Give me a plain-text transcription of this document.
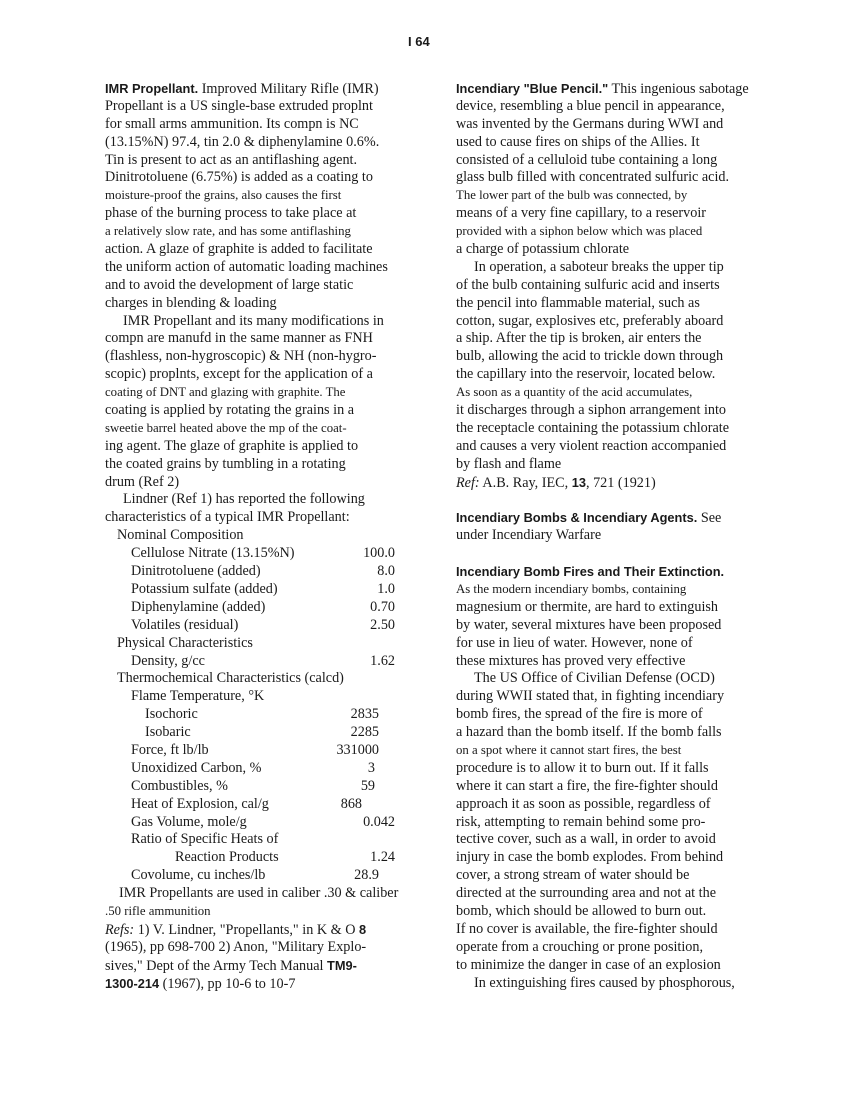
I 64
IMR Propellant. Improved Military Rifle (IMR)
Propellant is a US single-base extruded proplnt
for small arms ammunition. Its compn is NC
(13.15%N) 97.4, tin 2.0 & diphenylamine 0.6%.
Tin is present to act as an antiflashing agent.
Dinitrotoluene (6.75%) is added as a coating to
moisture-proof the grains, also causes the first
phase of the burning process to take place at
a relatively slow rate, and has some antiflashing
action. A glaze of graphite is added to facilitate
the uniform action of automatic loading machines
and to avoid the development of large static
charges in blending & loading
IMR Propellant and its many modifications in
compn are manufd in the same manner as FNH
(flashless, non-hygroscopic) & NH (non-hygro-
scopic) proplnts, except for the application of a
coating of DNT and glazing with graphite. The
coating is applied by rotating the grains in a
sweetie barrel heated above the mp of the coat-
ing agent. The glaze of graphite is applied to
the coated grains by tumbling in a rotating
drum (Ref 2)
Lindner (Ref 1) has reported the following
characteristics of a typical IMR Propellant:
Nominal Composition
Cellulose Nitrate (13.15%N)	100.0
Dinitrotoluene (added)	8.0
Potassium sulfate (added)	1.0
Diphenylamine (added)	0.70
Volatiles (residual)	2.50
Physical Characteristics
Density, g/cc	1.62
Thermochemical Characteristics (calcd)
Flame Temperature, °K
Isochoric	2835
Isobaric	2285
Force, ft lb/lb	331000
Unoxidized Carbon, %	3
Combustibles, %	59
Heat of Explosion, cal/g	868
Gas Volume, mole/g	0.042
Ratio of Specific Heats of
Reaction Products	1.24
Covolume, cu inches/lb	28.9
IMR Propellants are used in caliber .30 & caliber
.50 rifle ammunition
Refs: 1) V. Lindner, "Propellants," in K & O 8
(1965), pp 698-700 2) Anon, "Military Explo-
sives," Dept of the Army Tech Manual TM9-
1300-214 (1967), pp 10-6 to 10-7
Incendiary "Blue Pencil." This ingenious sabotage
device, resembling a blue pencil in appearance,
was invented by the Germans during WWI and
used to cause fires on ships of the Allies. It
consisted of a celluloid tube containing a long
glass bulb filled with concentrated sulfuric acid.
The lower part of the bulb was connected, by
means of a very fine capillary, to a reservoir
provided with a siphon below which was placed
a charge of potassium chlorate
In operation, a saboteur breaks the upper tip
of the bulb containing sulfuric acid and inserts
the pencil into flammable material, such as
cotton, sugar, explosives etc, preferably aboard
a ship. After the tip is broken, air enters the
bulb, allowing the acid to trickle down through
the capillary into the reservoir, located below.
As soon as a quantity of the acid accumulates,
it discharges through a siphon arrangement into
the receptacle containing the potassium chlorate
and causes a very violent reaction accompanied
by flash and flame
Ref: A.B. Ray, IEC, 13, 721 (1921)
Incendiary Bombs & Incendiary Agents. See
under Incendiary Warfare
Incendiary Bomb Fires and Their Extinction.
As the modern incendiary bombs, containing
magnesium or thermite, are hard to extinguish
by water, several mixtures have been proposed
for use in lieu of water. However, none of
these mixtures has proved very effective
The US Office of Civilian Defense (OCD)
during WWII stated that, in fighting incendiary
bomb fires, the spread of the fire is more of
a hazard than the bomb itself. If the bomb falls
on a spot where it cannot start fires, the best
procedure is to allow it to burn out. If it falls
where it can start a fire, the fire-fighter should
approach it as soon as possible, regardless of
risk, attempting to remain behind some pro-
tective cover, such as a wall, in order to avoid
injury in case the bomb explodes. From behind
cover, a strong stream of water should be
directed at the surrounding area and not at the
bomb, which should be allowed to burn out.
If no cover is available, the fire-fighter should
operate from a crouching or prone position,
to minimize the danger in case of an explosion
In extinguishing fires caused by phosphorous,
